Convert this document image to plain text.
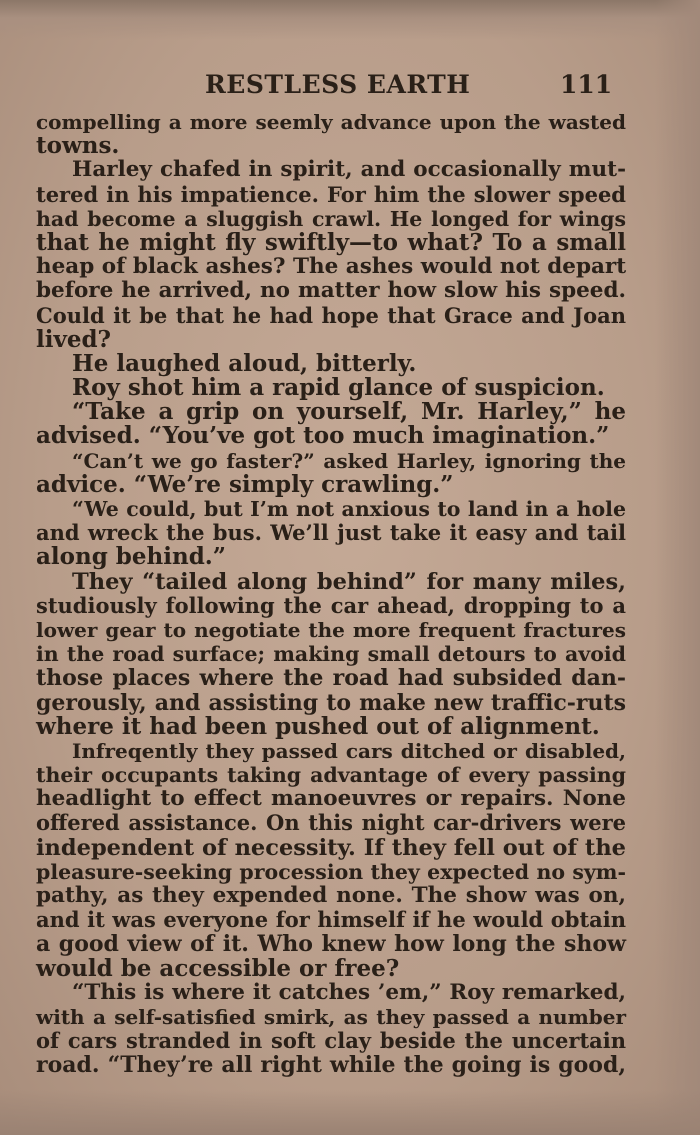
RESTLESS EARTH	111
compelling a more seemly advance upon the wasted
towns.
Harley chafed in spirit, and occasionally mut-
tered in his impatience. For him the slower speed
had become a sluggish crawl. He longed for wings
that he might fly swiftly—to what? To a small
heap of black ashes? The ashes would not depart
before he arrived, no matter how slow his speed.
Could it be that he had hope that Grace and Joan
lived?
He laughed aloud, bitterly.
Roy shot him a rapid glance of suspicion.
“Take a grip on yourself, Mr. Harley,” he
advised. “You’ve got too much imagination.”
“Can’t we go faster?” asked Harley, ignoring the
advice. “We’re simply crawling.”
“We could, but I’m not anxious to land in a hole
and wreck the bus. We’ll just take it easy and tail
along behind.”
They “tailed along behind” for many miles,
studiously following the car ahead, dropping to a
lower gear to negotiate the more frequent fractures
in the road surface; making small detours to avoid
those places where the road had subsided dan-
gerously, and assisting to make new traffic-ruts
where it had been pushed out of alignment.
Infreqently they passed cars ditched or disabled,
their occupants taking advantage of every passing
headlight to effect manoeuvres or repairs. None
offered assistance. On this night car-drivers were
independent of necessity. If they fell out of the
pleasure-seeking procession they expected no sym-
pathy, as they expended none. The show was on,
and it was everyone for himself if he would obtain
a good view of it. Who knew how long the show
would be accessible or free?
“This is where it catches ’em,” Roy remarked,
with a self-satisfied smirk, as they passed a number
of cars stranded in soft clay beside the uncertain
road. “They’re all right while the going is good,
